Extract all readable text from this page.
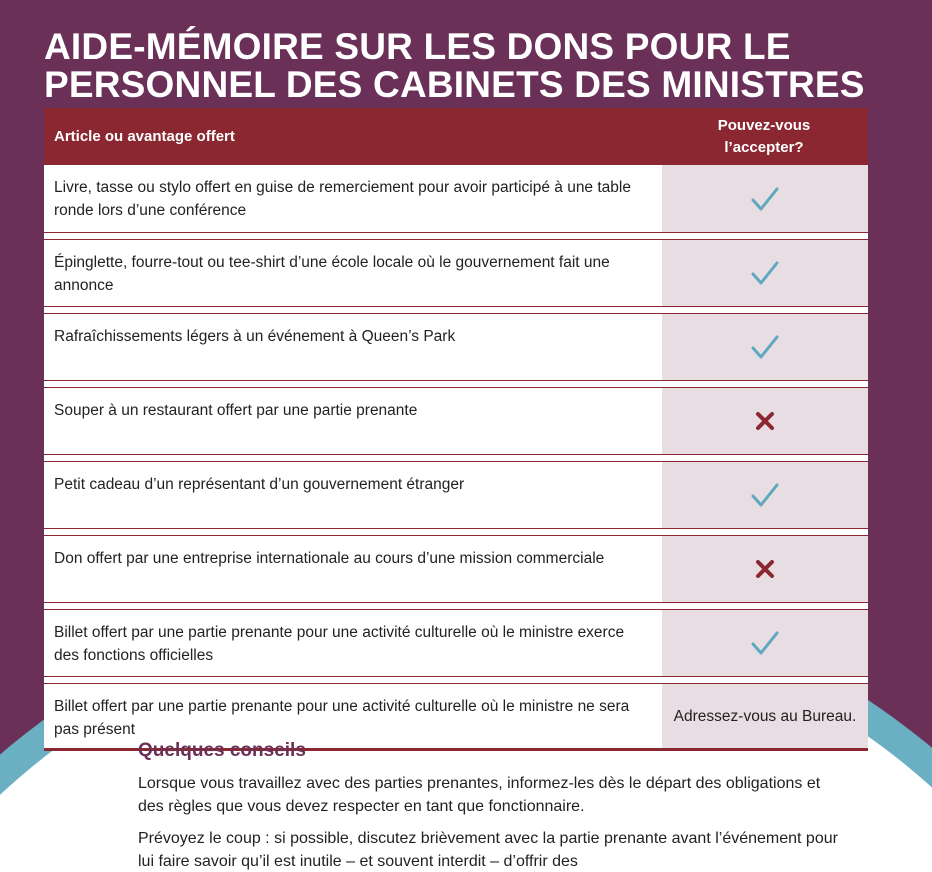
AIDE-MÉMOIRE SUR LES DONS POUR LE PERSONNEL DES CABINETS DES MINISTRES
Article ou avantage offert
Pouvez-vous l’accepter?
Livre, tasse ou stylo offert en guise de remerciement pour avoir participé à une table ronde lors d’une conférence
Épinglette, fourre-tout ou tee-shirt d’une école locale où le gouvernement fait une annonce
Rafraîchissements légers à un événement à Queen’s Park
Souper à un restaurant offert par une partie prenante
Petit cadeau d’un représentant d’un gouvernement étranger
Don offert par une entreprise internationale au cours d’une mission commerciale
Billet offert par une partie prenante pour une activité culturelle où le ministre exerce des fonctions officielles
Billet offert par une partie prenante pour une activité culturelle où le ministre ne sera pas présent
Adressez-vous au Bureau.
Quelques conseils

Lorsque vous travaillez avec des parties prenantes, informez-les dès le départ des obligations et des règles que vous devez respecter en tant que fonctionnaire.

Prévoyez le coup : si possible, discutez brièvement avec la partie prenante avant l’événement pour lui faire savoir qu’il est inutile – et souvent interdit – d’offrir des
